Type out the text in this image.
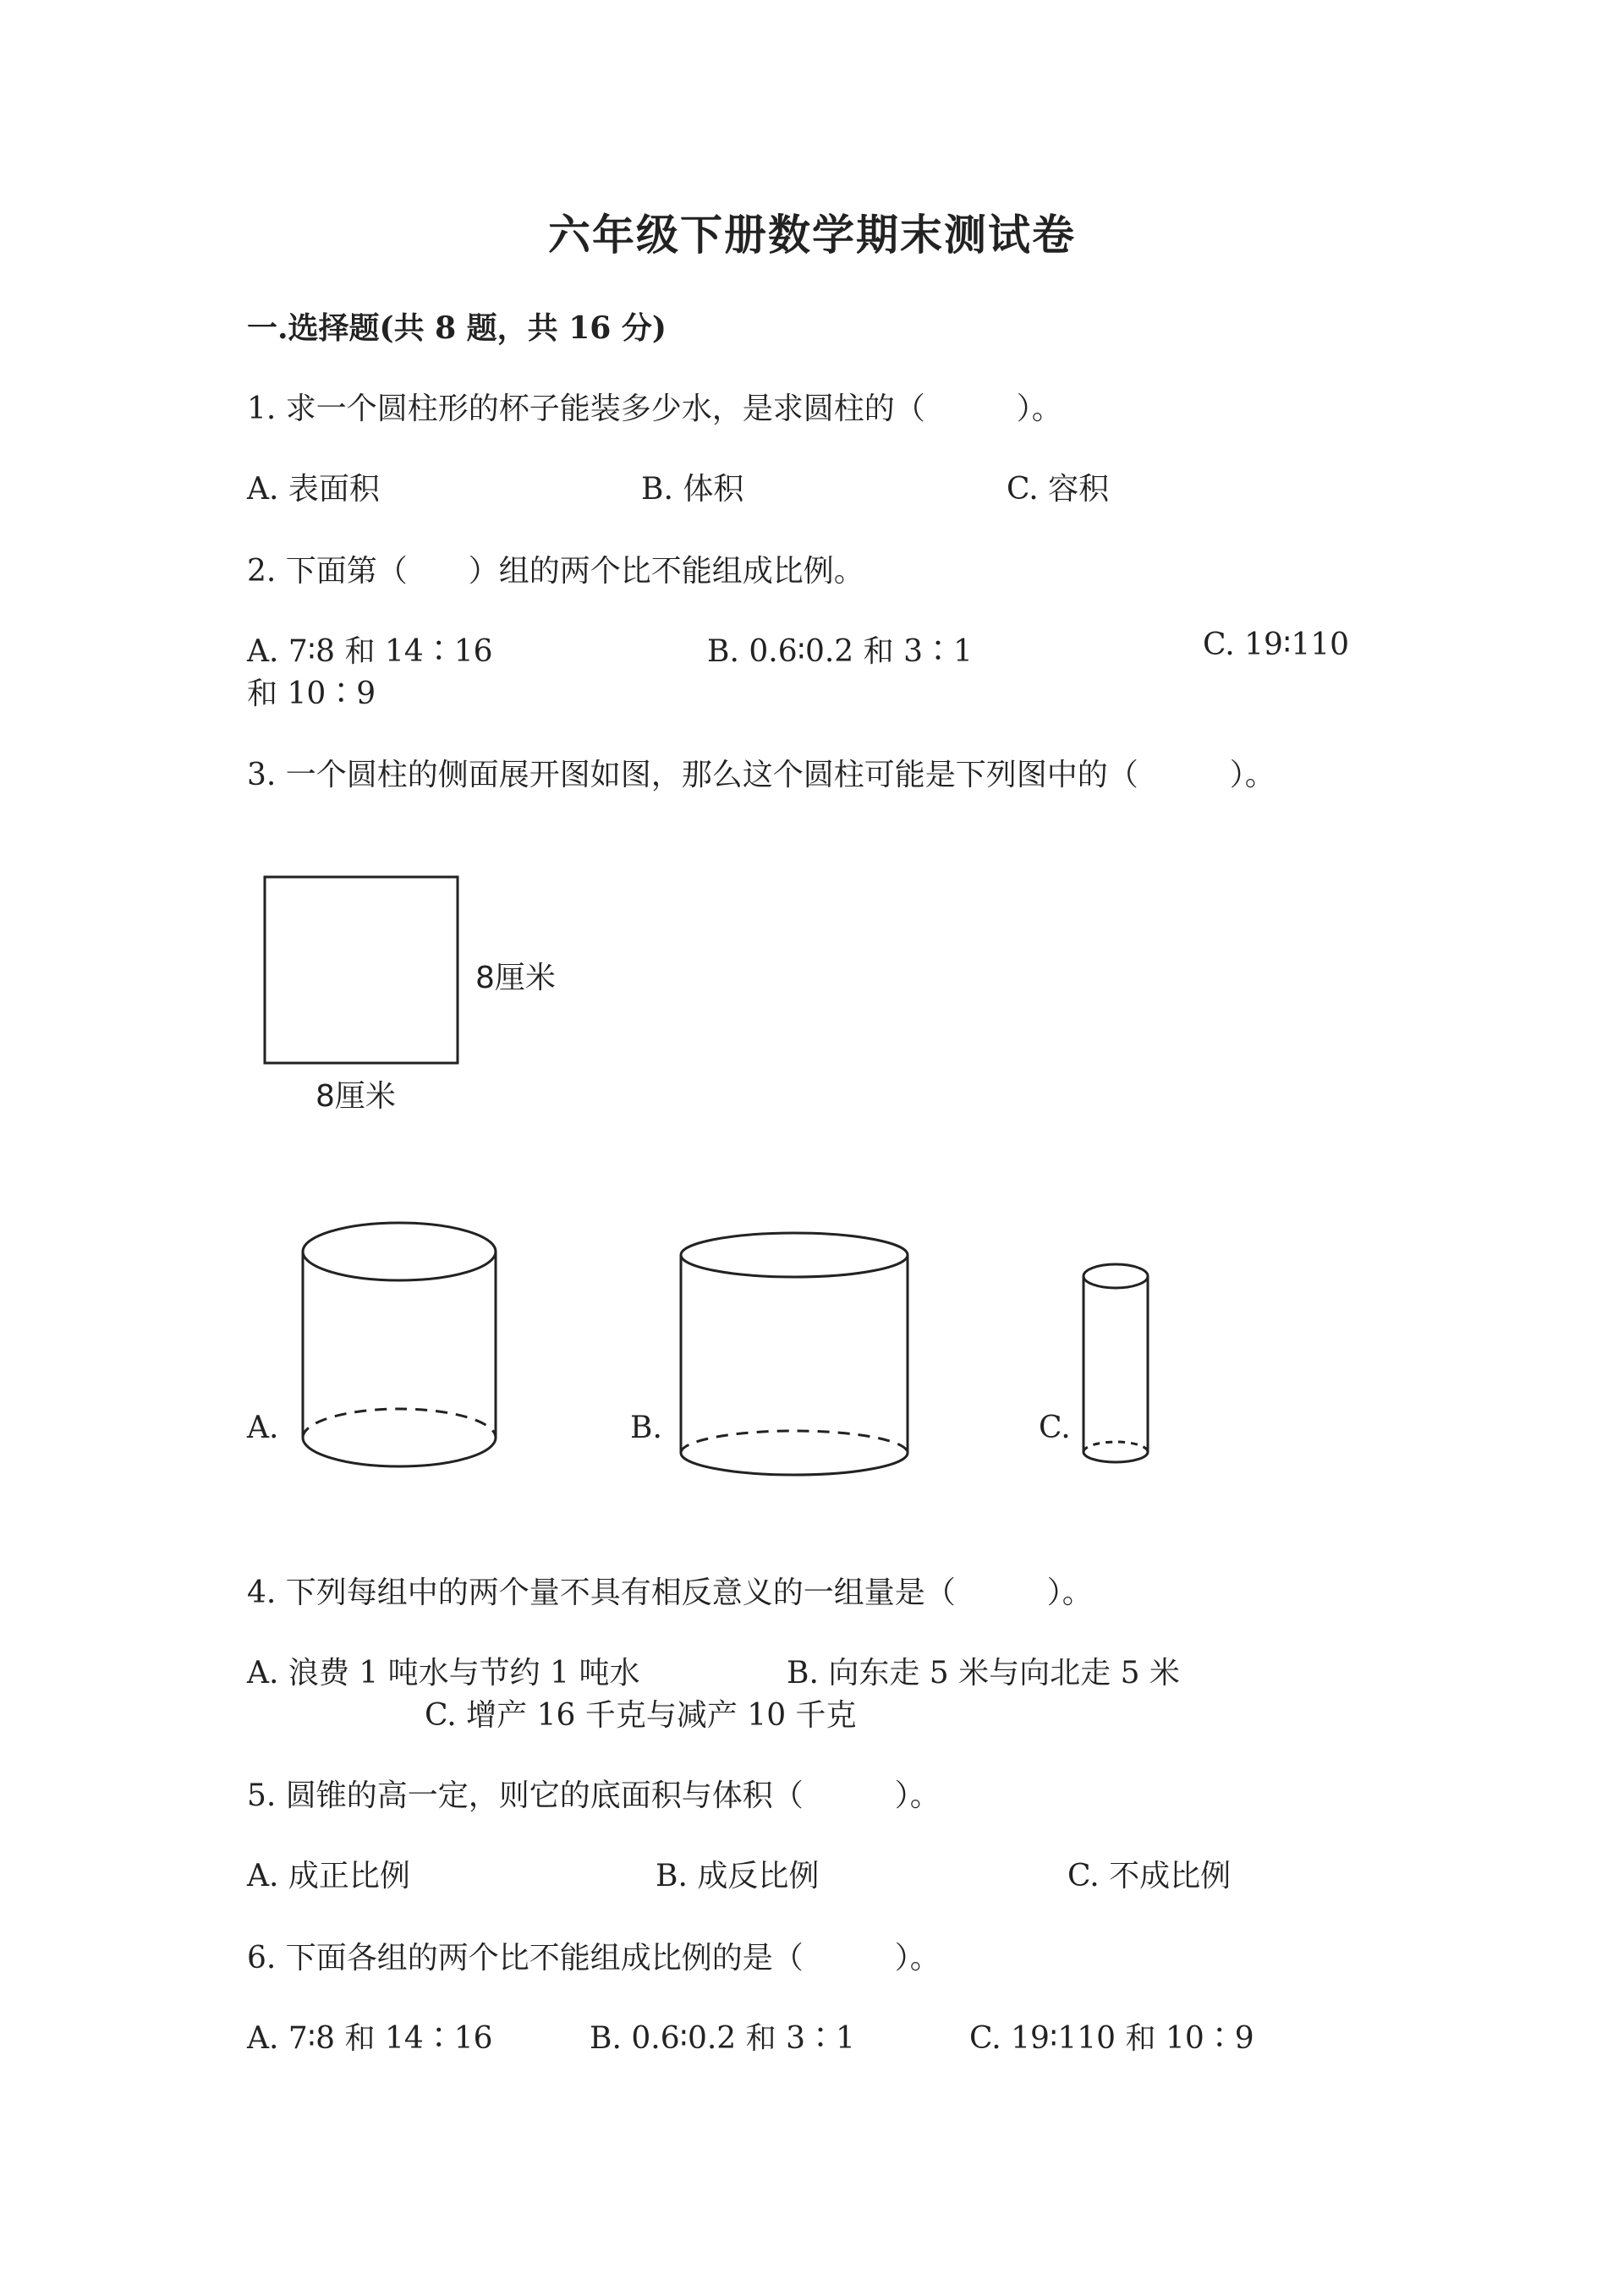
六年级下册数学期末测试卷
一.选择题(共 8 题，共 16 分)
1. 求一个圆柱形的杯子能装多少水，是求圆柱的（　　　）。
A. 表面积	B. 体积	C. 容积
2. 下面第（　　）组的两个比不能组成比例。
A. 7∶8 和 14∶16	B. 0.6∶0.2 和 3∶1	C. 19∶110
和 10∶9
3. 一个圆柱的侧面展开图如图，那么这个圆柱可能是下列图中的（　　　）。
8厘米
8厘米
A.	B.	C.
4. 下列每组中的两个量不具有相反意义的一组量是（　　　）。
A. 浪费 1 吨水与节约 1 吨水	B. 向东走 5 米与向北走 5 米
C. 增产 16 千克与减产 10 千克
5. 圆锥的高一定，则它的底面积与体积（　　　）。
A. 成正比例	B. 成反比例	C. 不成比例
6. 下面各组的两个比不能组成比例的是（　　　）。
A. 7∶8 和 14∶16	B. 0.6∶0.2 和 3∶1	C. 19∶110 和 10∶9
